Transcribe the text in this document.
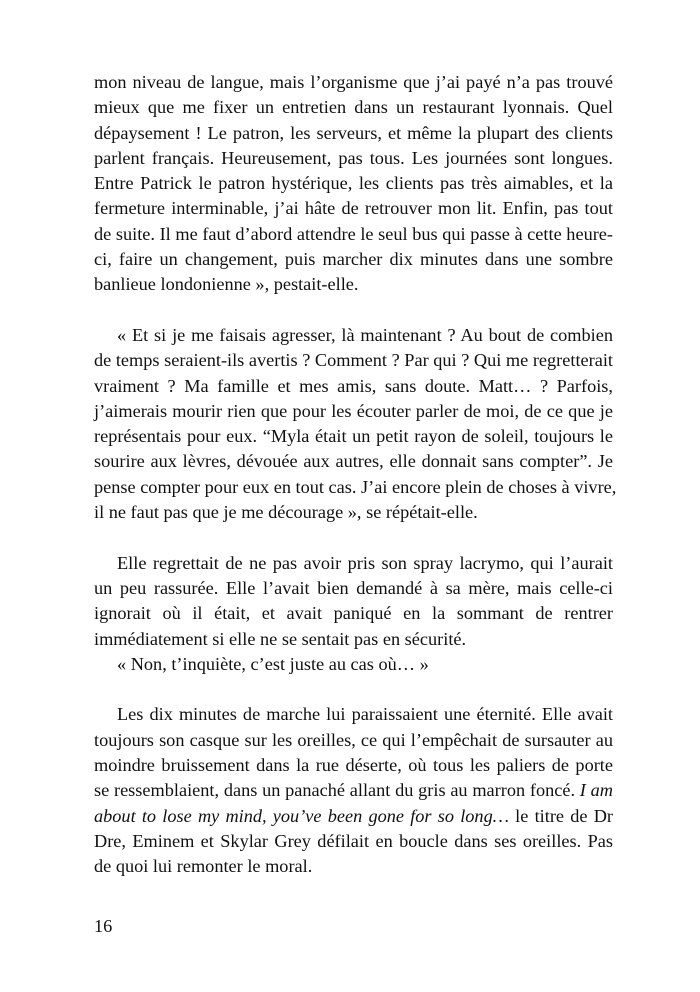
mon niveau de langue, mais l’organisme que j’ai payé n’a pas trouvé
mieux que me fixer un entretien dans un restaurant lyonnais. Quel
dépaysement ! Le patron, les serveurs, et même la plupart des clients
parlent français. Heureusement, pas tous. Les journées sont longues.
Entre Patrick le patron hystérique, les clients pas très aimables, et la
fermeture interminable, j’ai hâte de retrouver mon lit. Enfin, pas tout
de suite. Il me faut d’abord attendre le seul bus qui passe à cette heure-
ci, faire un changement, puis marcher dix minutes dans une sombre
banlieue londonienne », pestait-elle.
« Et si je me faisais agresser, là maintenant ? Au bout de combien
de temps seraient-ils avertis ? Comment ? Par qui ? Qui me regretterait
vraiment ? Ma famille et mes amis, sans doute. Matt… ? Parfois,
j’aimerais mourir rien que pour les écouter parler de moi, de ce que je
représentais pour eux. “Myla était un petit rayon de soleil, toujours le
sourire aux lèvres, dévouée aux autres, elle donnait sans compter”. Je
pense compter pour eux en tout cas. J’ai encore plein de choses à vivre,
il ne faut pas que je me décourage », se répétait-elle.
Elle regrettait de ne pas avoir pris son spray lacrymo, qui l’aurait
un peu rassurée. Elle l’avait bien demandé à sa mère, mais celle-ci
ignorait où il était, et avait paniqué en la sommant de rentrer
immédiatement si elle ne se sentait pas en sécurité.
« Non, t’inquiète, c’est juste au cas où… »
Les dix minutes de marche lui paraissaient une éternité. Elle avait
toujours son casque sur les oreilles, ce qui l’empêchait de sursauter au
moindre bruissement dans la rue déserte, où tous les paliers de porte
se ressemblaient, dans un panaché allant du gris au marron foncé. I am
about to lose my mind, you’ve been gone for so long… le titre de Dr
Dre, Eminem et Skylar Grey défilait en boucle dans ses oreilles. Pas
de quoi lui remonter le moral.
16
